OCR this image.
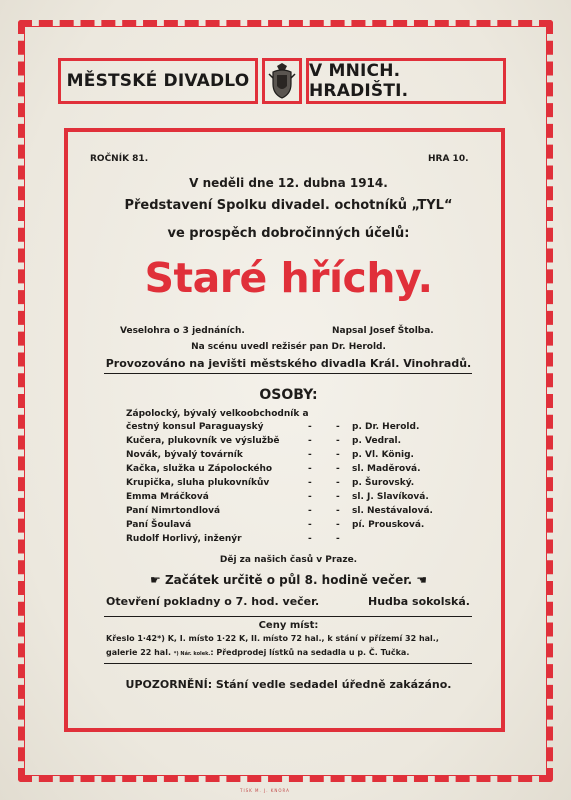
MĚSTSKÉ DIVADLO	V MNICH. HRADIŠTI.
ROČNÍK 81.	HRA 10.
V neděli dne 12. dubna 1914.
Představení Spolku divadel. ochotníků „TYL“
ve prospěch dobročinných účelů:
Staré hříchy.
Veselohra o 3 jednáních.	Napsal Josef Štolba.
Na scénu uvedl režisér pan Dr. Herold.
Provozováno na jevišti městského divadla Král. Vinohradů.
OSOBY:
Zápolocký, bývalý velkoobchodník a
čestný konsul Paraguayský	-	- p. Dr. Herold.
Kučera, plukovník ve výslužbě	-	- p. Vedral.
Novák, bývalý továrník	-	- p. Vl. König.
Kačka, služka u Zápolockého	-	- sl. Maděrová.
Krupička, sluha plukovníkův	-	- p. Šurovský.
Emma Mráčková	-	- sl. J. Slavíková.
Paní Nimrtondlová	-	- sl. Nestávalová.
Paní Šoulavá	-	- pí. Prousková.
Rudolf Horlivý, inženýr	-	-
Děj za našich časů v Praze.
☛ Začátek určitě o půl 8. hodině večer. ☚
Otevření pokladny o 7. hod. večer.	Hudba sokolská.
Ceny míst:
Křeslo 1·42*) K, I. místo 1·22 K, II. místo 72 hal., k stání v přízemí 32 hal.,
galerie 22 hal. *) Nár. kolek.: Předprodej lístků na sedadla u p. Č. Tučka.
UPOZORNĚNÍ: Stání vedle sedadel úředně zakázáno.
TISK M. J. KNORA
